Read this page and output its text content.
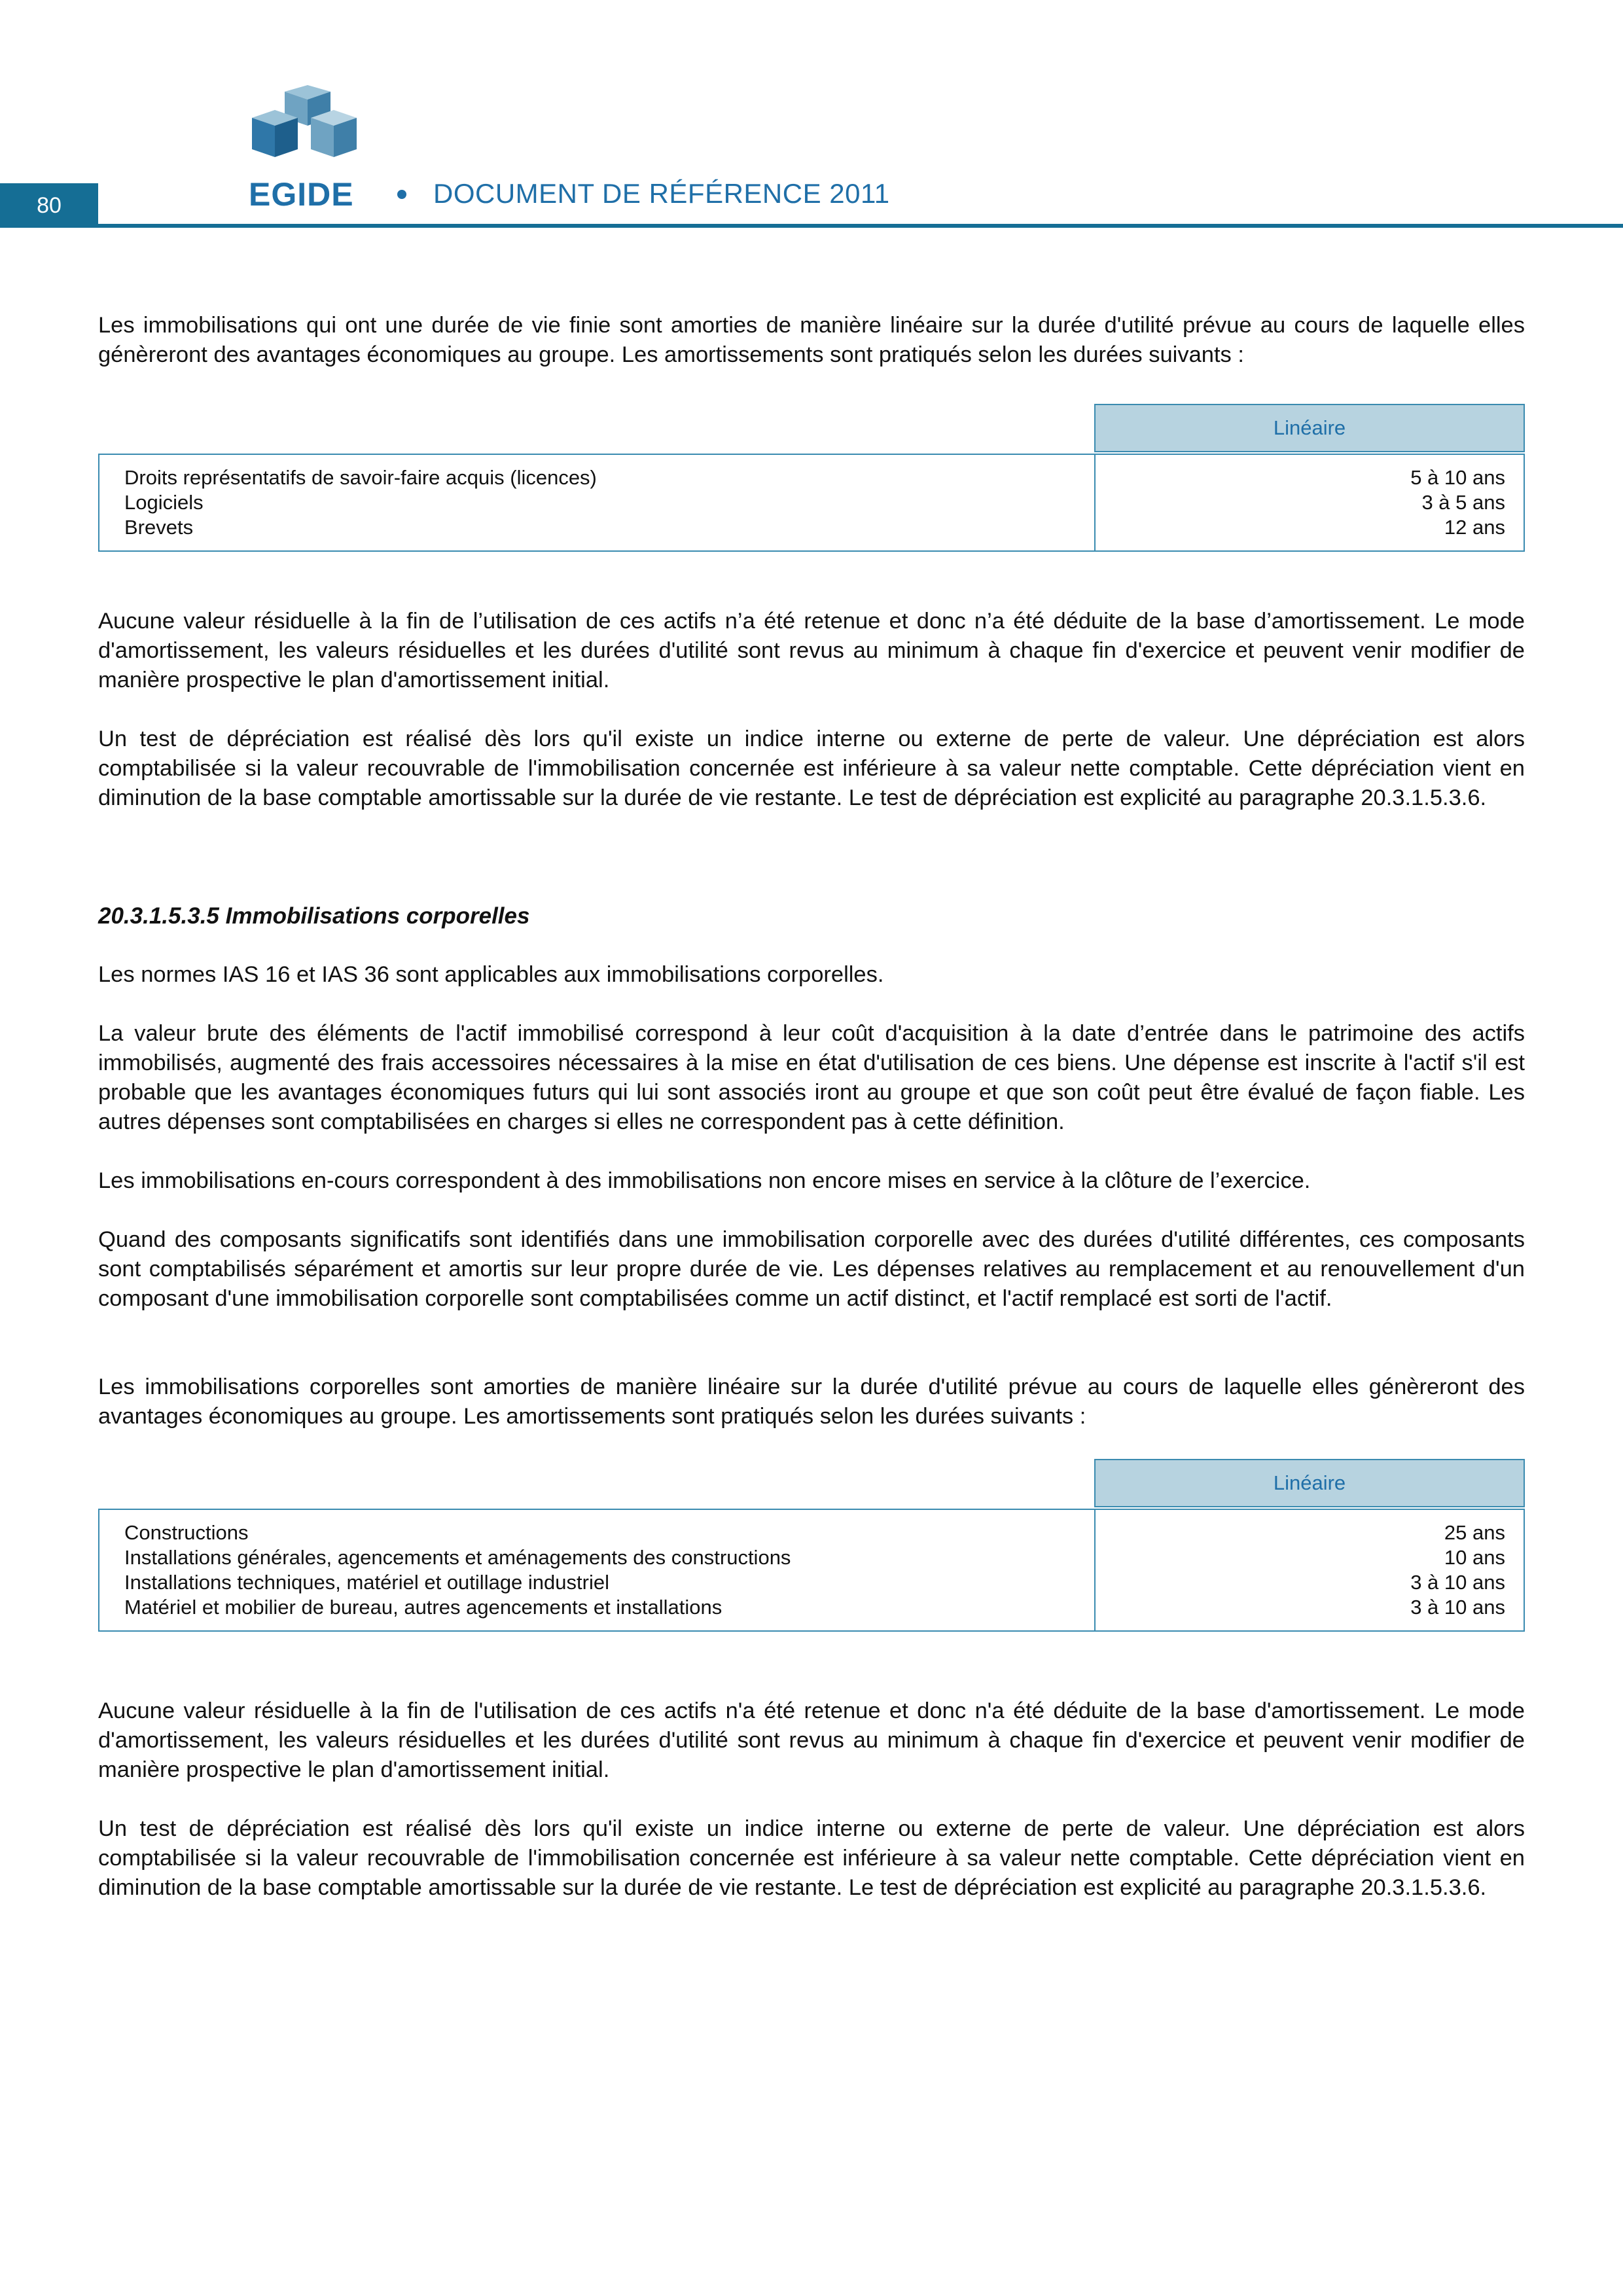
80	EGIDE	DOCUMENT DE RÉFÉRENCE 2011

Les immobilisations qui ont une durée de vie finie sont amorties de manière linéaire sur la durée d'utilité prévue au cours de laquelle elles génèreront des avantages économiques au groupe. Les amortissements sont pratiqués selon les durées suivants :

Linéaire
Droits représentatifs de savoir-faire acquis (licences)
Logiciels
Brevets
5 à 10 ans
3 à 5 ans
12 ans

Aucune valeur résiduelle à la fin de l’utilisation de ces actifs n’a été retenue et donc n’a été déduite de la base d’amortissement. Le mode d'amortissement, les valeurs résiduelles et les durées d'utilité sont revus au minimum à chaque fin d'exercice et peuvent venir modifier de manière prospective le plan d'amortissement initial.

Un test de dépréciation est réalisé dès lors qu'il existe un indice interne ou externe de perte de valeur. Une dépréciation est alors comptabilisée si la valeur recouvrable de l'immobilisation concernée est inférieure à sa valeur nette comptable. Cette dépréciation vient en diminution de la base comptable amortissable sur la durée de vie restante. Le test de dépréciation est explicité au paragraphe 20.3.1.5.3.6.

20.3.1.5.3.5 Immobilisations corporelles

Les normes IAS 16 et IAS 36 sont applicables aux immobilisations corporelles.

La valeur brute des éléments de l'actif immobilisé correspond à leur coût d'acquisition à la date d’entrée dans le patrimoine des actifs immobilisés, augmenté des frais accessoires nécessaires à la mise en état d'utilisation de ces biens. Une dépense est inscrite à l'actif s'il est probable que les avantages économiques futurs qui lui sont associés iront au groupe et que son coût peut être évalué de façon fiable. Les autres dépenses sont comptabilisées en charges si elles ne correspondent pas à cette définition.

Les immobilisations en-cours correspondent à des immobilisations non encore mises en service à la clôture de l’exercice.

Quand des composants significatifs sont identifiés dans une immobilisation corporelle avec des durées d'utilité différentes, ces composants sont comptabilisés séparément et amortis sur leur propre durée de vie. Les dépenses relatives au remplacement et au renouvellement d'un composant d'une immobilisation corporelle sont comptabilisées comme un actif distinct, et l'actif remplacé est sorti de l'actif.

Les immobilisations corporelles sont amorties de manière linéaire sur la durée d'utilité prévue au cours de laquelle elles génèreront des avantages économiques au groupe. Les amortissements sont pratiqués selon les durées suivants :

Linéaire
Constructions
Installations générales, agencements et aménagements des constructions
Installations techniques, matériel et outillage industriel
Matériel et mobilier de bureau, autres agencements et installations
25 ans
10 ans
3 à 10 ans
3 à 10 ans

Aucune valeur résiduelle à la fin de l'utilisation de ces actifs n'a été retenue et donc n'a été déduite de la base d'amortissement. Le mode d'amortissement, les valeurs résiduelles et les durées d'utilité sont revus au minimum à chaque fin d'exercice et peuvent venir modifier de manière prospective le plan d'amortissement initial.

Un test de dépréciation est réalisé dès lors qu'il existe un indice interne ou externe de perte de valeur. Une dépréciation est alors comptabilisée si la valeur recouvrable de l'immobilisation concernée est inférieure à sa valeur nette comptable. Cette dépréciation vient en diminution de la base comptable amortissable sur la durée de vie restante. Le test de dépréciation est explicité au paragraphe 20.3.1.5.3.6.
